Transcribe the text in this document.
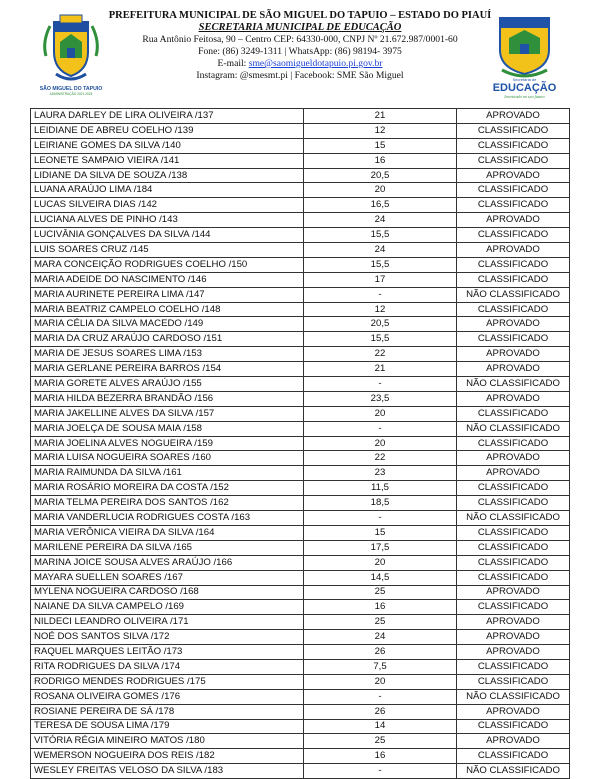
SÃO MIGUEL DO TAPUIO
ADMINISTRAÇÃO 2021-2024
PREFEITURA MUNICIPAL DE SÃO MIGUEL DO TAPUIO – ESTADO DO PIAUÍ
SECRETARIA MUNICIPAL DE EDUCAÇÃO
Rua Antônio Feitosa, 90 – Centro CEP: 64330-000, CNPJ Nº 21.672.987/0001-60
Fone: (86) 3249-1311 | WhatsApp: (86) 98194- 3975
E-mail: sme@saomigueldotapuio.pi.gov.br
Instagram: @smesmt.pi | Facebook: SME São Miguel	Secretaria de
EDUCAÇÃO
Investindo no seu futuro
LAURA DARLEY DE LIRA OLIVEIRA /137	21	APROVADO
LEIDIANE DE ABREU COELHO /139	12	CLASSIFICADO
LEIRIANE GOMES DA SILVA /140	15	CLASSIFICADO
LEONETE SAMPAIO VIEIRA /141	16	CLASSIFICADO
LIDIANE DA SILVA DE SOUZA /138	20,5	APROVADO
LUANA ARAÚJO LIMA /184	20	CLASSIFICADO
LUCAS SILVEIRA DIAS /142	16,5	CLASSIFICADO
LUCIANA ALVES DE PINHO /143	24	APROVADO
LUCIVÂNIA GONÇALVES DA SILVA /144	15,5	CLASSIFICADO
LUIS SOARES CRUZ /145	24	APROVADO
MARA CONCEIÇÃO RODRIGUES COELHO /150	15,5	CLASSIFICADO
MARIA ADEIDE DO NASCIMENTO /146	17	CLASSIFICADO
MARIA AURINETE PEREIRA LIMA /147	-	NÃO CLASSIFICADO
MARIA BEATRIZ CAMPELO COELHO /148	12	CLASSIFICADO
MARIA CÉLIA DA SILVA MACEDO /149	20,5	APROVADO
MARIA DA CRUZ ARAÚJO CARDOSO /151	15,5	CLASSIFICADO
MARIA DE JESUS SOARES LIMA /153	22	APROVADO
MARIA GERLANE PEREIRA BARROS /154	21	APROVADO
MARIA GORETE ALVES ARAÚJO /155	-	NÃO CLASSIFICADO
MARIA HILDA BEZERRA BRANDÃO /156	23,5	APROVADO
MARIA JAKELLINE ALVES DA SILVA /157	20	CLASSIFICADO
MARIA JOELÇA DE SOUSA MAIA /158	-	NÃO CLASSIFICADO
MARIA JOELINA ALVES NOGUEIRA /159	20	CLASSIFICADO
MARIA LUISA NOGUEIRA SOARES /160	22	APROVADO
MARIA RAIMUNDA DA SILVA /161	23	APROVADO
MARIA ROSÁRIO MOREIRA DA COSTA /152	11,5	CLASSIFICADO
MARIA TELMA PEREIRA DOS SANTOS /162	18,5	CLASSIFICADO
MARIA VANDERLUCIA RODRIGUES COSTA /163	-	NÃO CLASSIFICADO
MARIA VERÔNICA VIEIRA DA SILVA /164	15	CLASSIFICADO
MARILENE PEREIRA DA SILVA /165	17,5	CLASSIFICADO
MARINA JOICE SOUSA ALVES ARAÚJO /166	20	CLASSIFICADO
MAYARA SUELLEN SOARES /167	14,5	CLASSIFICADO
MYLENA NOGUEIRA CARDOSO /168	25	APROVADO
NAIANE DA SILVA CAMPELO /169	16	CLASSIFICADO
NILDECI LEANDRO OLIVEIRA /171	25	APROVADO
NOÉ DOS SANTOS SILVA /172	24	APROVADO
RAQUEL MARQUES LEITÃO /173	26	APROVADO
RITA RODRIGUES DA SILVA /174	7,5	CLASSIFICADO
RODRIGO MENDES RODRIGUES /175	20	CLASSIFICADO
ROSANA OLIVEIRA GOMES /176	-	NÃO CLASSIFICADO
ROSIANE PEREIRA DE SÁ /178	26	APROVADO
TERESA DE SOUSA LIMA /179	14	CLASSIFICADO
VITÓRIA RÉGIA MINEIRO MATOS /180	25	APROVADO
WEMERSON NOGUEIRA DOS REIS /182	16	CLASSIFICADO
WESLEY FREITAS VELOSO DA SILVA /183	-	NÃO CLASSIFICADO
